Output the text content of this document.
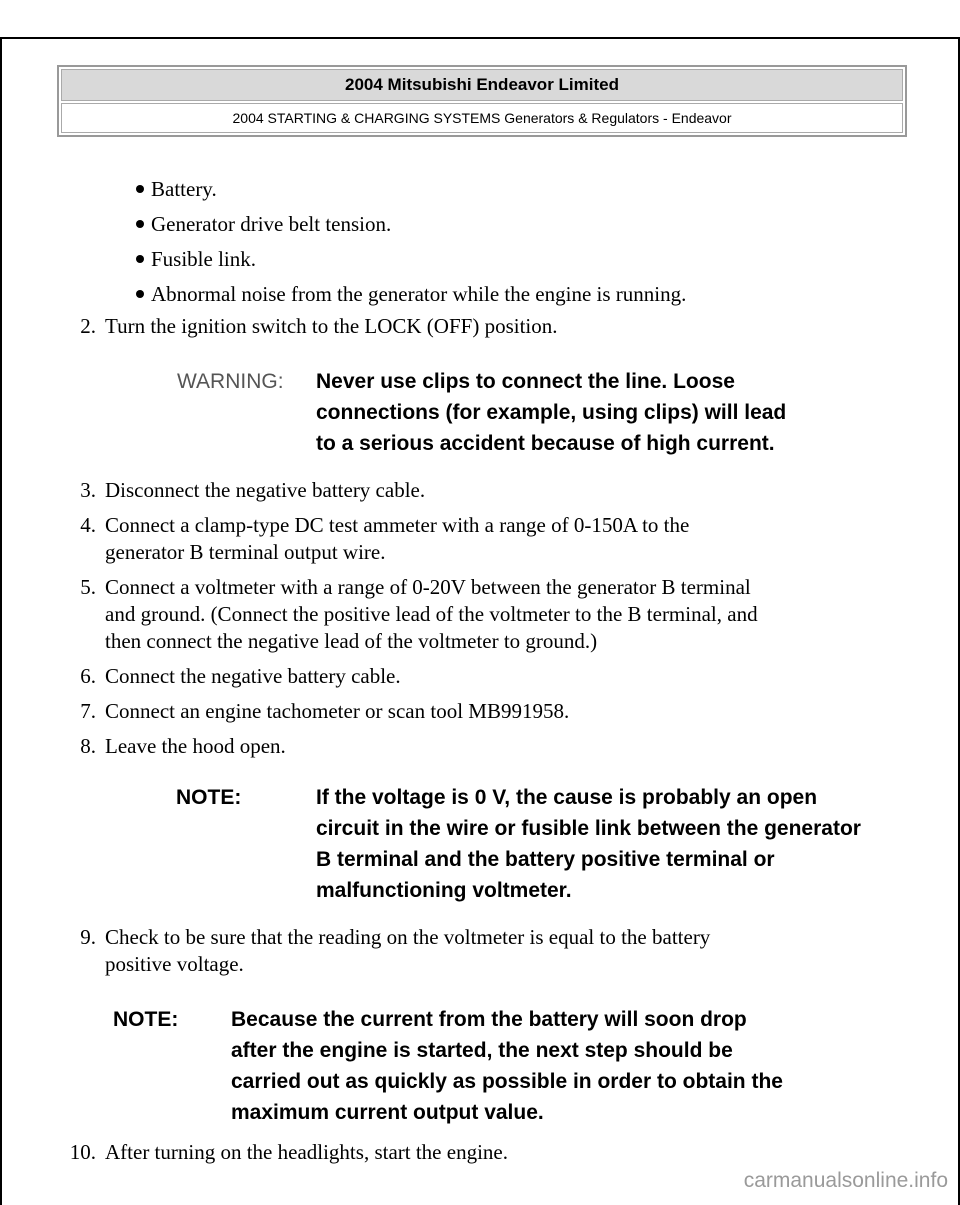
2004 Mitsubishi Endeavor Limited
2004 STARTING & CHARGING SYSTEMS Generators & Regulators - Endeavor
Battery.
Generator drive belt tension.
Fusible link.
Abnormal noise from the generator while the engine is running.
2. Turn the ignition switch to the LOCK (OFF) position.
WARNING: Never use clips to connect the line. Loose
connections (for example, using clips) will lead
to a serious accident because of high current.
3. Disconnect the negative battery cable.
4. Connect a clamp-type DC test ammeter with a range of 0-150A to the
generator B terminal output wire.
5. Connect a voltmeter with a range of 0-20V between the generator B terminal
and ground. (Connect the positive lead of the voltmeter to the B terminal, and
then connect the negative lead of the voltmeter to ground.)
6. Connect the negative battery cable.
7. Connect an engine tachometer or scan tool MB991958.
8. Leave the hood open.
NOTE:	If the voltage is 0 V, the cause is probably an open
circuit in the wire or fusible link between the generator
B terminal and the battery positive terminal or
malfunctioning voltmeter.
9. Check to be sure that the reading on the voltmeter is equal to the battery
positive voltage.
NOTE:	Because the current from the battery will soon drop
after the engine is started, the next step should be
carried out as quickly as possible in order to obtain the
maximum current output value.
10. After turning on the headlights, start the engine.
carmanualsonline.info
